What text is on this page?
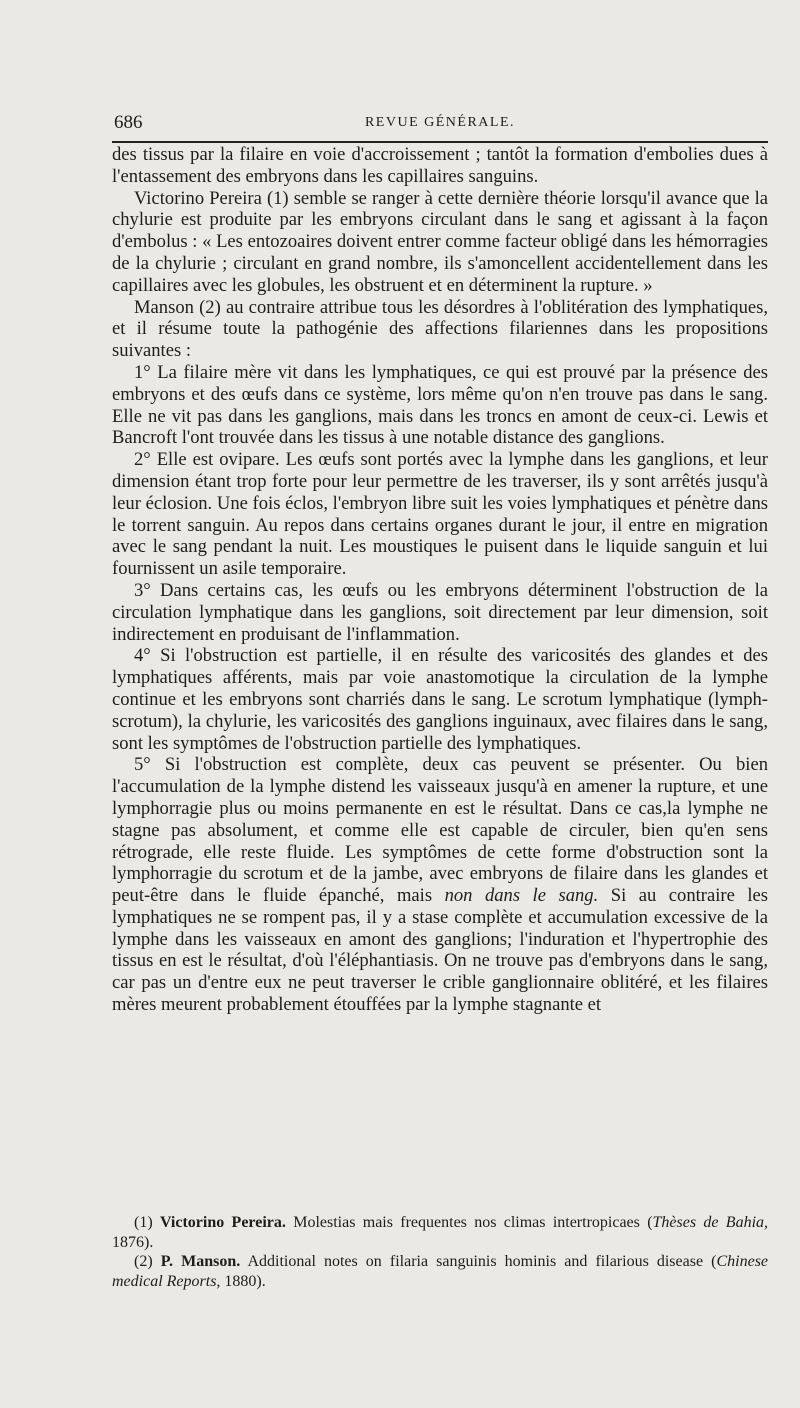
686	REVUE GÉNÉRALE.

des tissus par la filaire en voie d'accroissement ; tantôt la formation d'embolies dues à l'entassement des embryons dans les capillaires sanguins.

Victorino Pereira (1) semble se ranger à cette dernière théorie lorsqu'il avance que la chylurie est produite par les embryons circulant dans le sang et agissant à la façon d'embolus : « Les entozoaires doivent entrer comme facteur obligé dans les hémorragies de la chylurie ; circulant en grand nombre, ils s'amoncellent accidentellement dans les capillaires avec les globules, les obstruent et en déterminent la rupture. »

Manson (2) au contraire attribue tous les désordres à l'oblitération des lymphatiques, et il résume toute la pathogénie des affections filariennes dans les propositions suivantes :

1° La filaire mère vit dans les lymphatiques, ce qui est prouvé par la présence des embryons et des œufs dans ce système, lors même qu'on n'en trouve pas dans le sang. Elle ne vit pas dans les ganglions, mais dans les troncs en amont de ceux-ci. Lewis et Bancroft l'ont trouvée dans les tissus à une notable distance des ganglions.

2° Elle est ovipare. Les œufs sont portés avec la lymphe dans les ganglions, et leur dimension étant trop forte pour leur permettre de les traverser, ils y sont arrêtés jusqu'à leur éclosion. Une fois éclos, l'embryon libre suit les voies lymphatiques et pénètre dans le torrent sanguin. Au repos dans certains organes durant le jour, il entre en migration avec le sang pendant la nuit. Les moustiques le puisent dans le liquide sanguin et lui fournissent un asile temporaire.

3° Dans certains cas, les œufs ou les embryons déterminent l'obstruction de la circulation lymphatique dans les ganglions, soit directement par leur dimension, soit indirectement en produisant de l'inflammation.

4° Si l'obstruction est partielle, il en résulte des varicosités des glandes et des lymphatiques afférents, mais par voie anastomotique la circulation de la lymphe continue et les embryons sont charriés dans le sang. Le scrotum lymphatique (lymph-scrotum), la chylurie, les varicosités des ganglions inguinaux, avec filaires dans le sang, sont les symptômes de l'obstruction partielle des lymphatiques.

5° Si l'obstruction est complète, deux cas peuvent se présenter. Ou bien l'accumulation de la lymphe distend les vaisseaux jusqu'à en amener la rupture, et une lymphorragie plus ou moins permanente en est le résultat. Dans ce cas,la lymphe ne stagne pas absolument, et comme elle est capable de circuler, bien qu'en sens rétrograde, elle reste fluide. Les symptômes de cette forme d'obstruction sont la lymphorragie du scrotum et de la jambe, avec embryons de filaire dans les glandes et peut-être dans le fluide épanché, mais non dans le sang. Si au contraire les lymphatiques ne se rompent pas, il y a stase complète et accumulation excessive de la lymphe dans les vaisseaux en amont des ganglions; l'induration et l'hypertrophie des tissus en est le résultat, d'où l'éléphantiasis. On ne trouve pas d'embryons dans le sang, car pas un d'entre eux ne peut traverser le crible ganglionnaire oblitéré, et les filaires mères meurent probablement étouffées par la lymphe stagnante et

(1) Victorino Pereira. Molestias mais frequentes nos climas intertropicaes (Thèses de Bahia, 1876).

(2) P. Manson. Additional notes on filaria sanguinis hominis and filarious disease (Chinese medical Reports, 1880).
